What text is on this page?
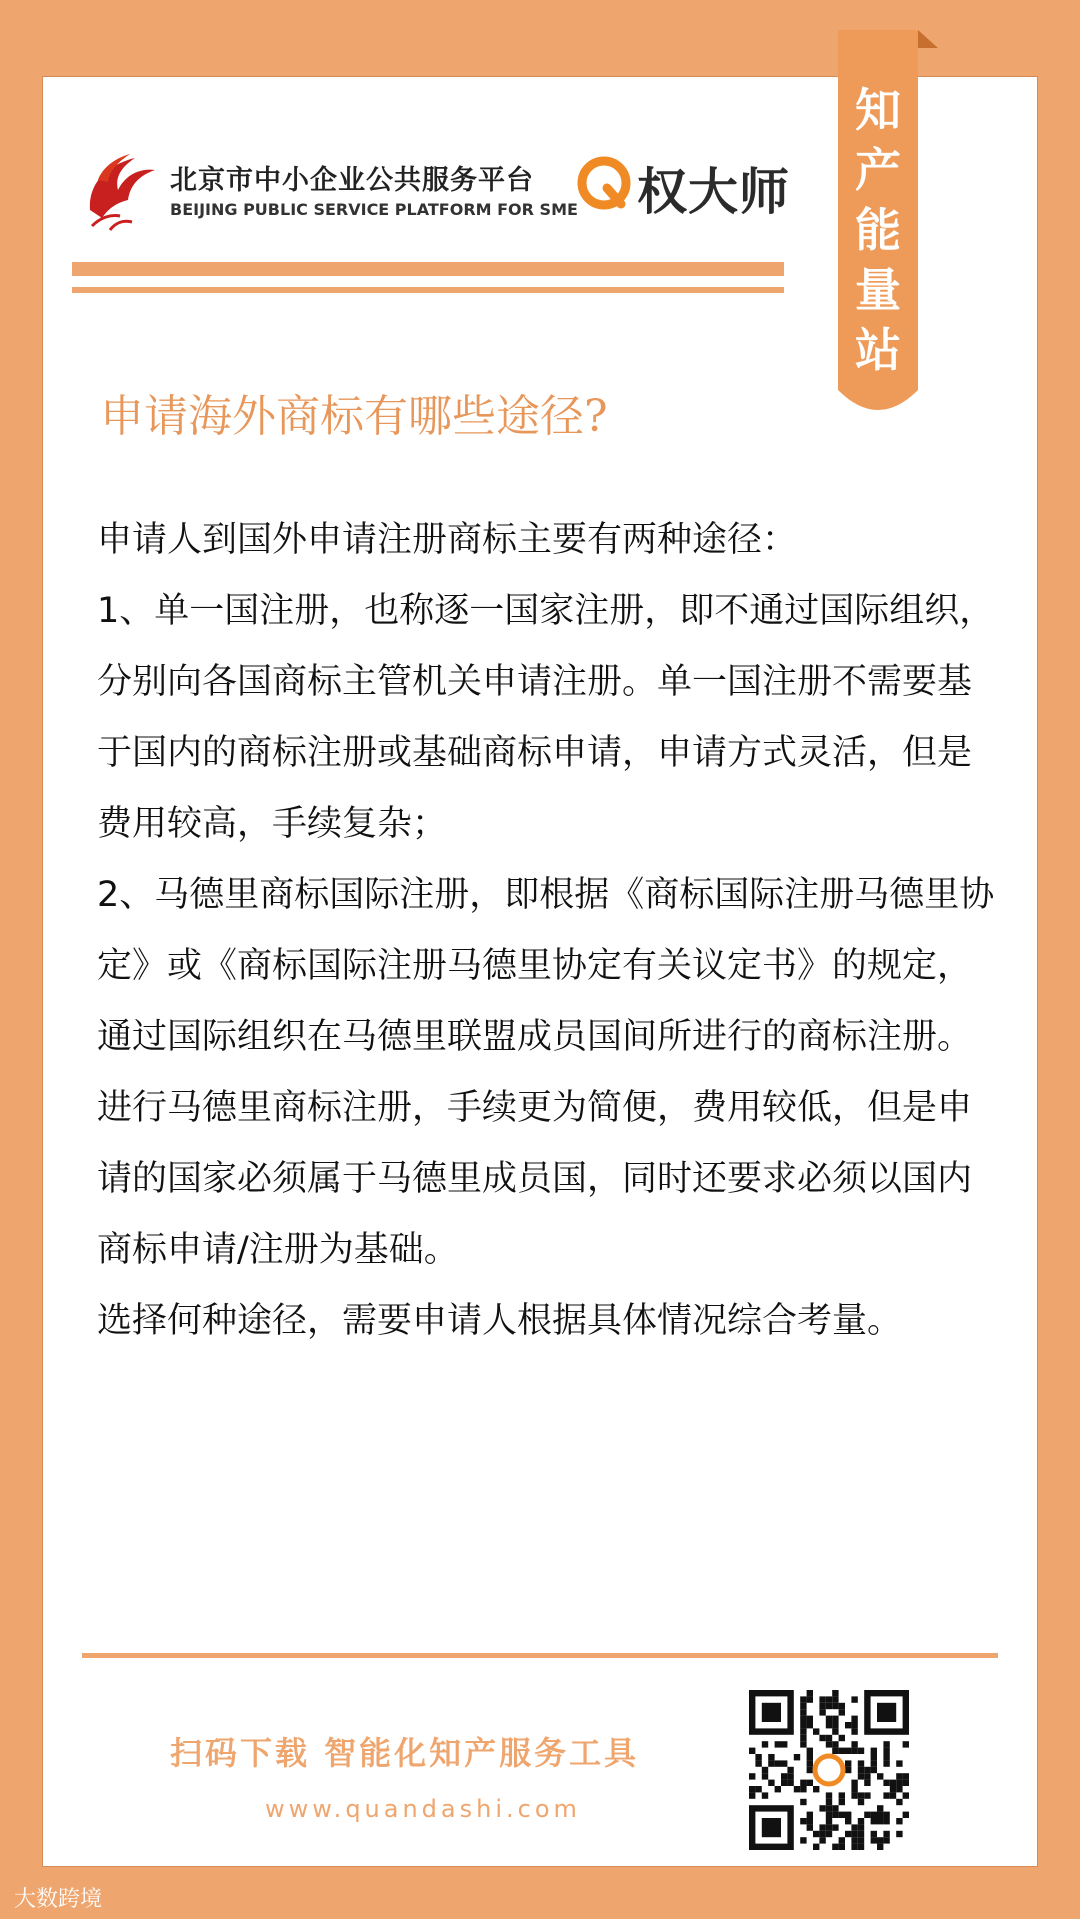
北京市中小企业公共服务平台
BEIJING PUBLIC SERVICE PLATFORM FOR SME 权大师
知
产
能
量
站
申请海外商标有哪些途径?

申请人到国外申请注册商标主要有两种途径：

1、单一国注册，也称逐一国家注册，即不通过国际组织，分别向各国商标主管机关申请注册。单一国注册不需要基于国内的商标注册或基础商标申请，申请方式灵活，但是费用较高，手续复杂；

2、马德里商标国际注册，即根据《商标国际注册马德里协定》或《商标国际注册马德里协定有关议定书》的规定，通过国际组织在马德里联盟成员国间所进行的商标注册。进行马德里商标注册，手续更为简便，费用较低，但是申请的国家必须属于马德里成员国，同时还要求必须以国内商标申请/注册为基础。

选择何种途径，需要申请人根据具体情况综合考量。

扫码下载 智能化知产服务工具
www.quandashi.com
大数跨境
